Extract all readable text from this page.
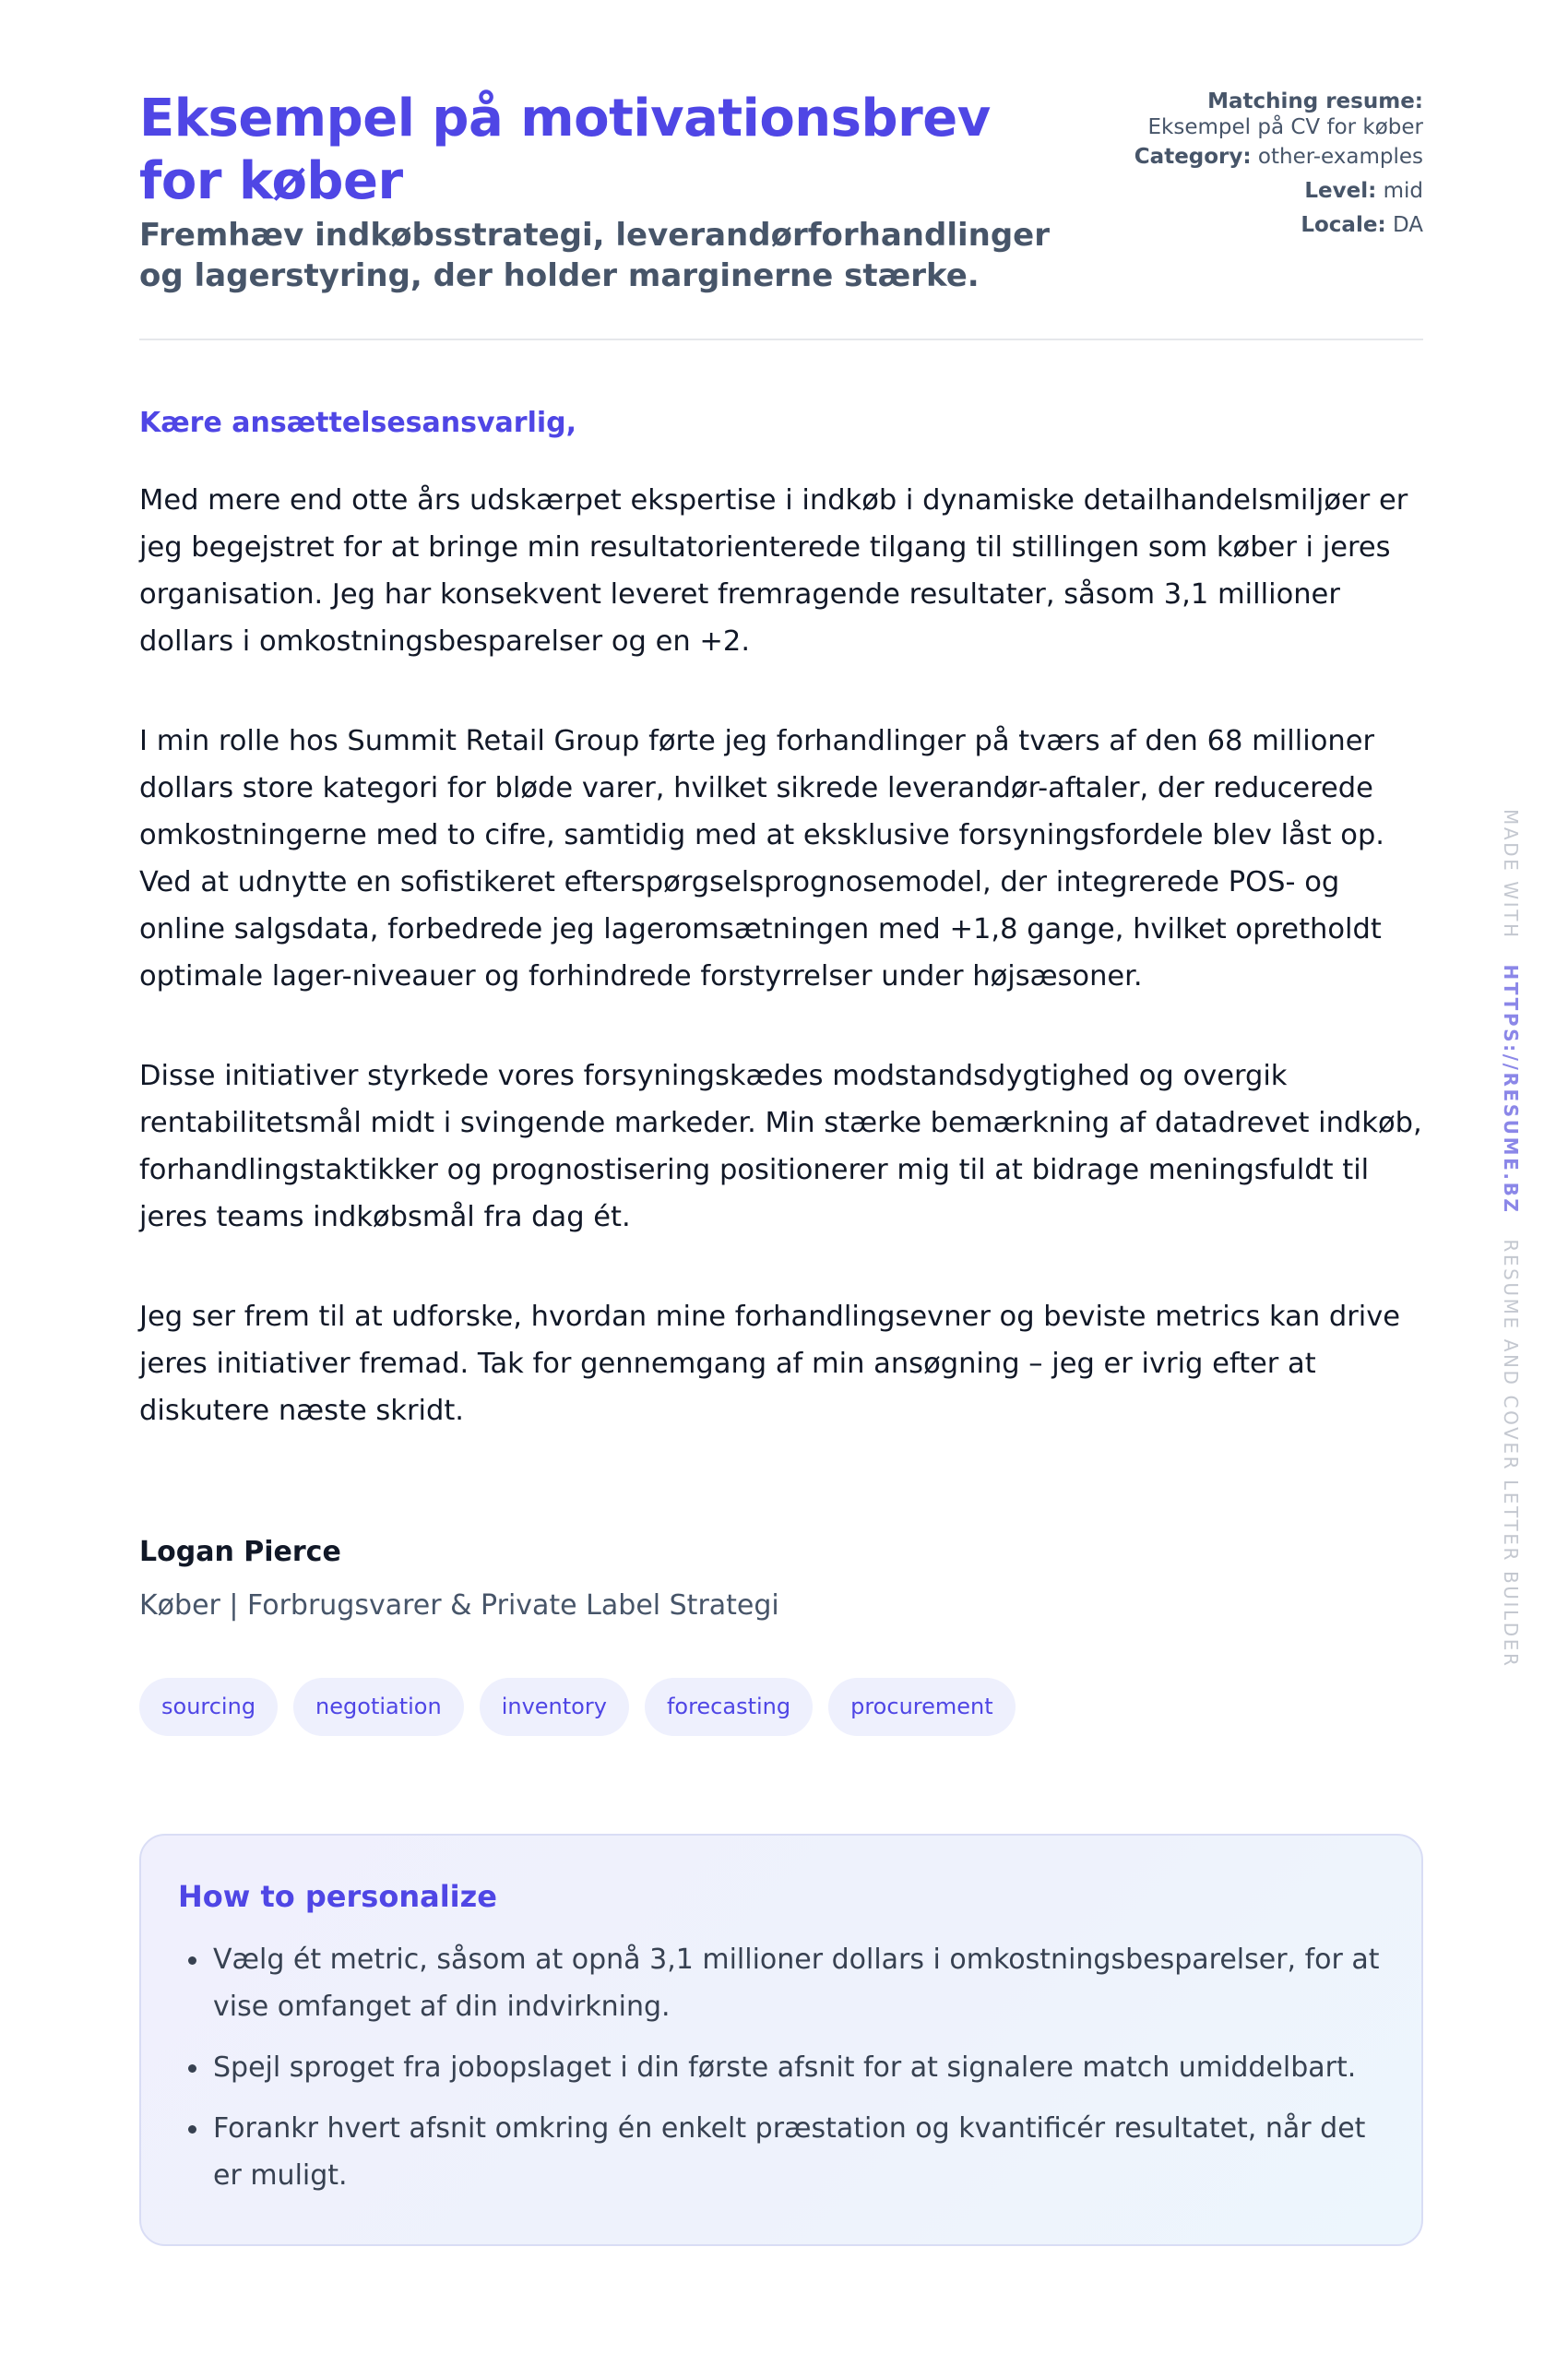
Eksempel på motivationsbrev for køber
Fremhæv indkøbsstrategi, leverandørforhandlinger og lagerstyring, der holder marginerne stærke.
Matching resume:
Eksempel på CV for køber
Category: other-examples
Level: mid
Locale: DA
Kære ansættelsesansvarlig,

Med mere end otte års udskærpet ekspertise i indkøb i dynamiske detailhandelsmiljøer er jeg begejstret for at bringe min resultatorienterede tilgang til stillingen som køber i jeres organisation. Jeg har konsekvent leveret fremragende resultater, såsom 3,1 millioner dollars i omkostningsbesparelser og en +2.

I min rolle hos Summit Retail Group førte jeg forhandlinger på tværs af den 68 millioner dollars store kategori for bløde varer, hvilket sikrede leverandør-aftaler, der reducerede omkostningerne med to cifre, samtidig med at eksklusive forsyningsfordele blev låst op. Ved at udnytte en sofistikeret efterspørgselsprognosemodel, der integrerede POS- og online salgsdata, forbedrede jeg lageromsætningen med +1,8 gange, hvilket opretholdt optimale lager-niveauer og forhindrede forstyrrelser under højsæsoner.

Disse initiativer styrkede vores forsyningskædes modstandsdygtighed og overgik rentabilitetsmål midt i svingende markeder. Min stærke bemærkning af datadrevet indkøb, forhandlingstaktikker og prognostisering positionerer mig til at bidrage meningsfuldt til jeres teams indkøbsmål fra dag ét.

Jeg ser frem til at udforske, hvordan mine forhandlingsevner og beviste metrics kan drive jeres initiativer fremad. Tak for gennemgang af min ansøgning – jeg er ivrig efter at diskutere næste skridt.

Logan Pierce
Køber | Forbrugsvarer & Private Label Strategi
sourcing	negotiation	inventory	forecasting	procurement
How to personalize
Vælg ét metric, såsom at opnå 3,1 millioner dollars i omkostningsbesparelser, for at vise omfanget af din indvirkning.
Spejl sproget fra jobopslaget i din første afsnit for at signalere match umiddelbart.
Forankr hvert afsnit omkring én enkelt præstation og kvantificér resultatet, når det er muligt.
MADE WITH   HTTPS://RESUME.BZ   RESUME AND COVER LETTER BUILDER
